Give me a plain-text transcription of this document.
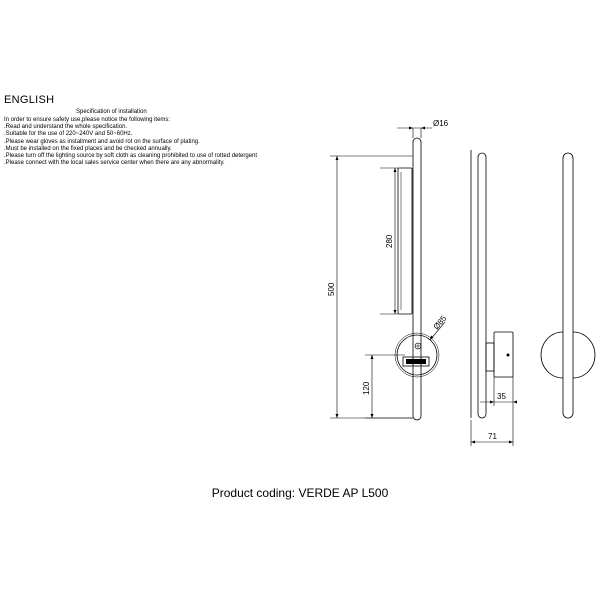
ENGLISH
Specification of installation
In order to ensure safety use,please notice the following items:
.Read and understand the whole specification.
.Suitable for the use of 220~240V and 50~60Hz.
.Please wear gloves as installment and avoid rot on the surface of plating.
.Must be installed on the fixed places and be checked annually.
.Please turn off the lighting source by soft cloth as cleaning prohibited to use of rotted detergent
.Please connect with the local sales service center when there are any abnormality.
Ø16
280
500
120
Ø85
35
71
Product coding: VERDE AP L500
